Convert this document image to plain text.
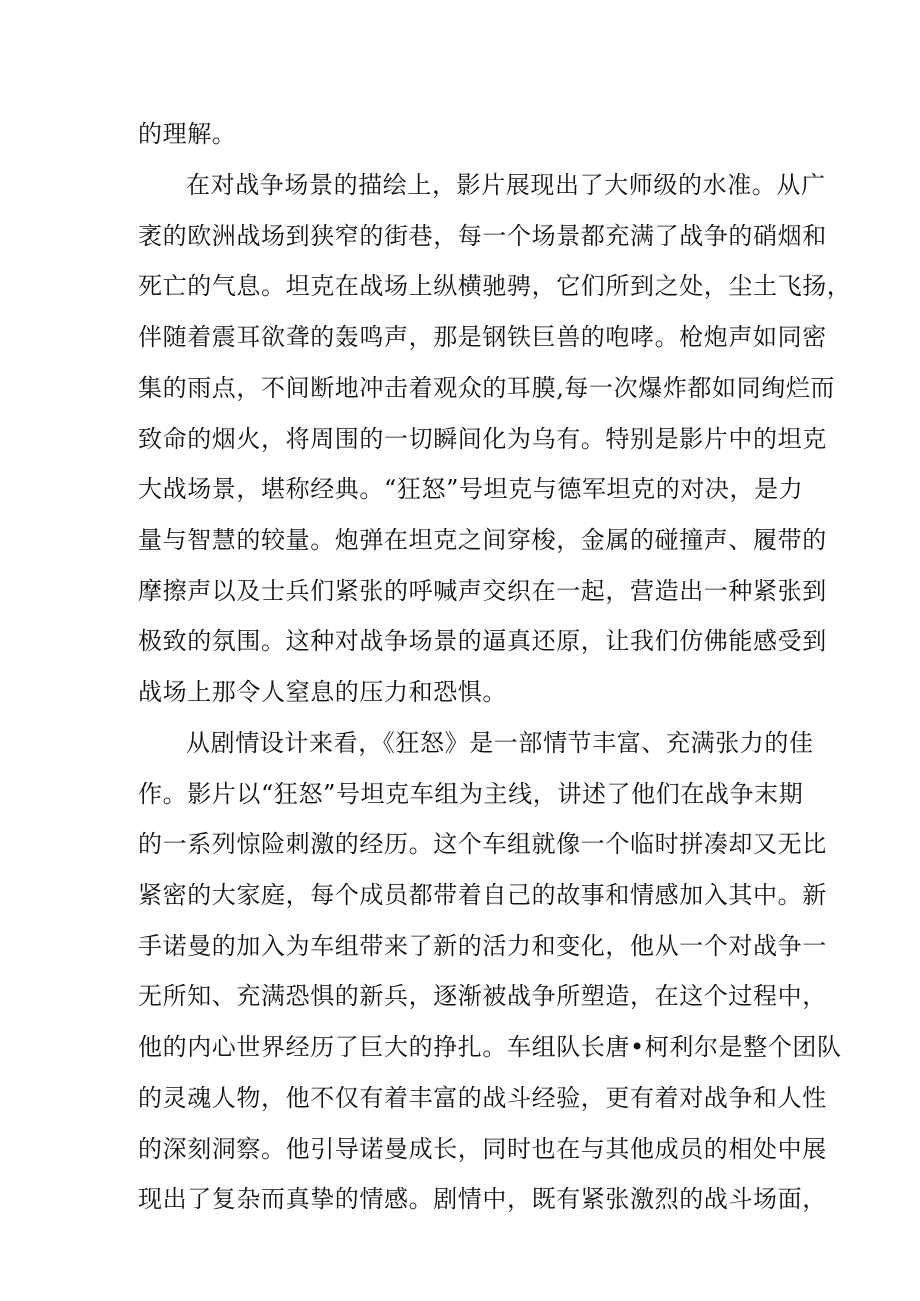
的理解。
在对战争场景的描绘上，影片展现出了大师级的水准。从广
袤的欧洲战场到狭窄的街巷，每一个场景都充满了战争的硝烟和
死亡的气息。坦克在战场上纵横驰骋，它们所到之处，尘土飞扬，
伴随着震耳欲聋的轰鸣声，那是钢铁巨兽的咆哮。枪炮声如同密
集的雨点，不间断地冲击着观众的耳膜,每一次爆炸都如同绚烂而
致命的烟火，将周围的一切瞬间化为乌有。特别是影片中的坦克
大战场景，堪称经典。“狂怒”号坦克与德军坦克的对决，是力
量与智慧的较量。炮弹在坦克之间穿梭，金属的碰撞声、履带的
摩擦声以及士兵们紧张的呼喊声交织在一起，营造出一种紧张到
极致的氛围。这种对战争场景的逼真还原，让我们仿佛能感受到
战场上那令人窒息的压力和恐惧。
从剧情设计来看，《狂怒》是一部情节丰富、充满张力的佳
作。影片以“狂怒”号坦克车组为主线，讲述了他们在战争末期
的一系列惊险刺激的经历。这个车组就像一个临时拼凑却又无比
紧密的大家庭，每个成员都带着自己的故事和情感加入其中。新
手诺曼的加入为车组带来了新的活力和变化，他从一个对战争一
无所知、充满恐惧的新兵，逐渐被战争所塑造，在这个过程中，
他的内心世界经历了巨大的挣扎。车组队长唐•柯利尔是整个团队
的灵魂人物，他不仅有着丰富的战斗经验，更有着对战争和人性
的深刻洞察。他引导诺曼成长，同时也在与其他成员的相处中展
现出了复杂而真挚的情感。剧情中，既有紧张激烈的战斗场面，
